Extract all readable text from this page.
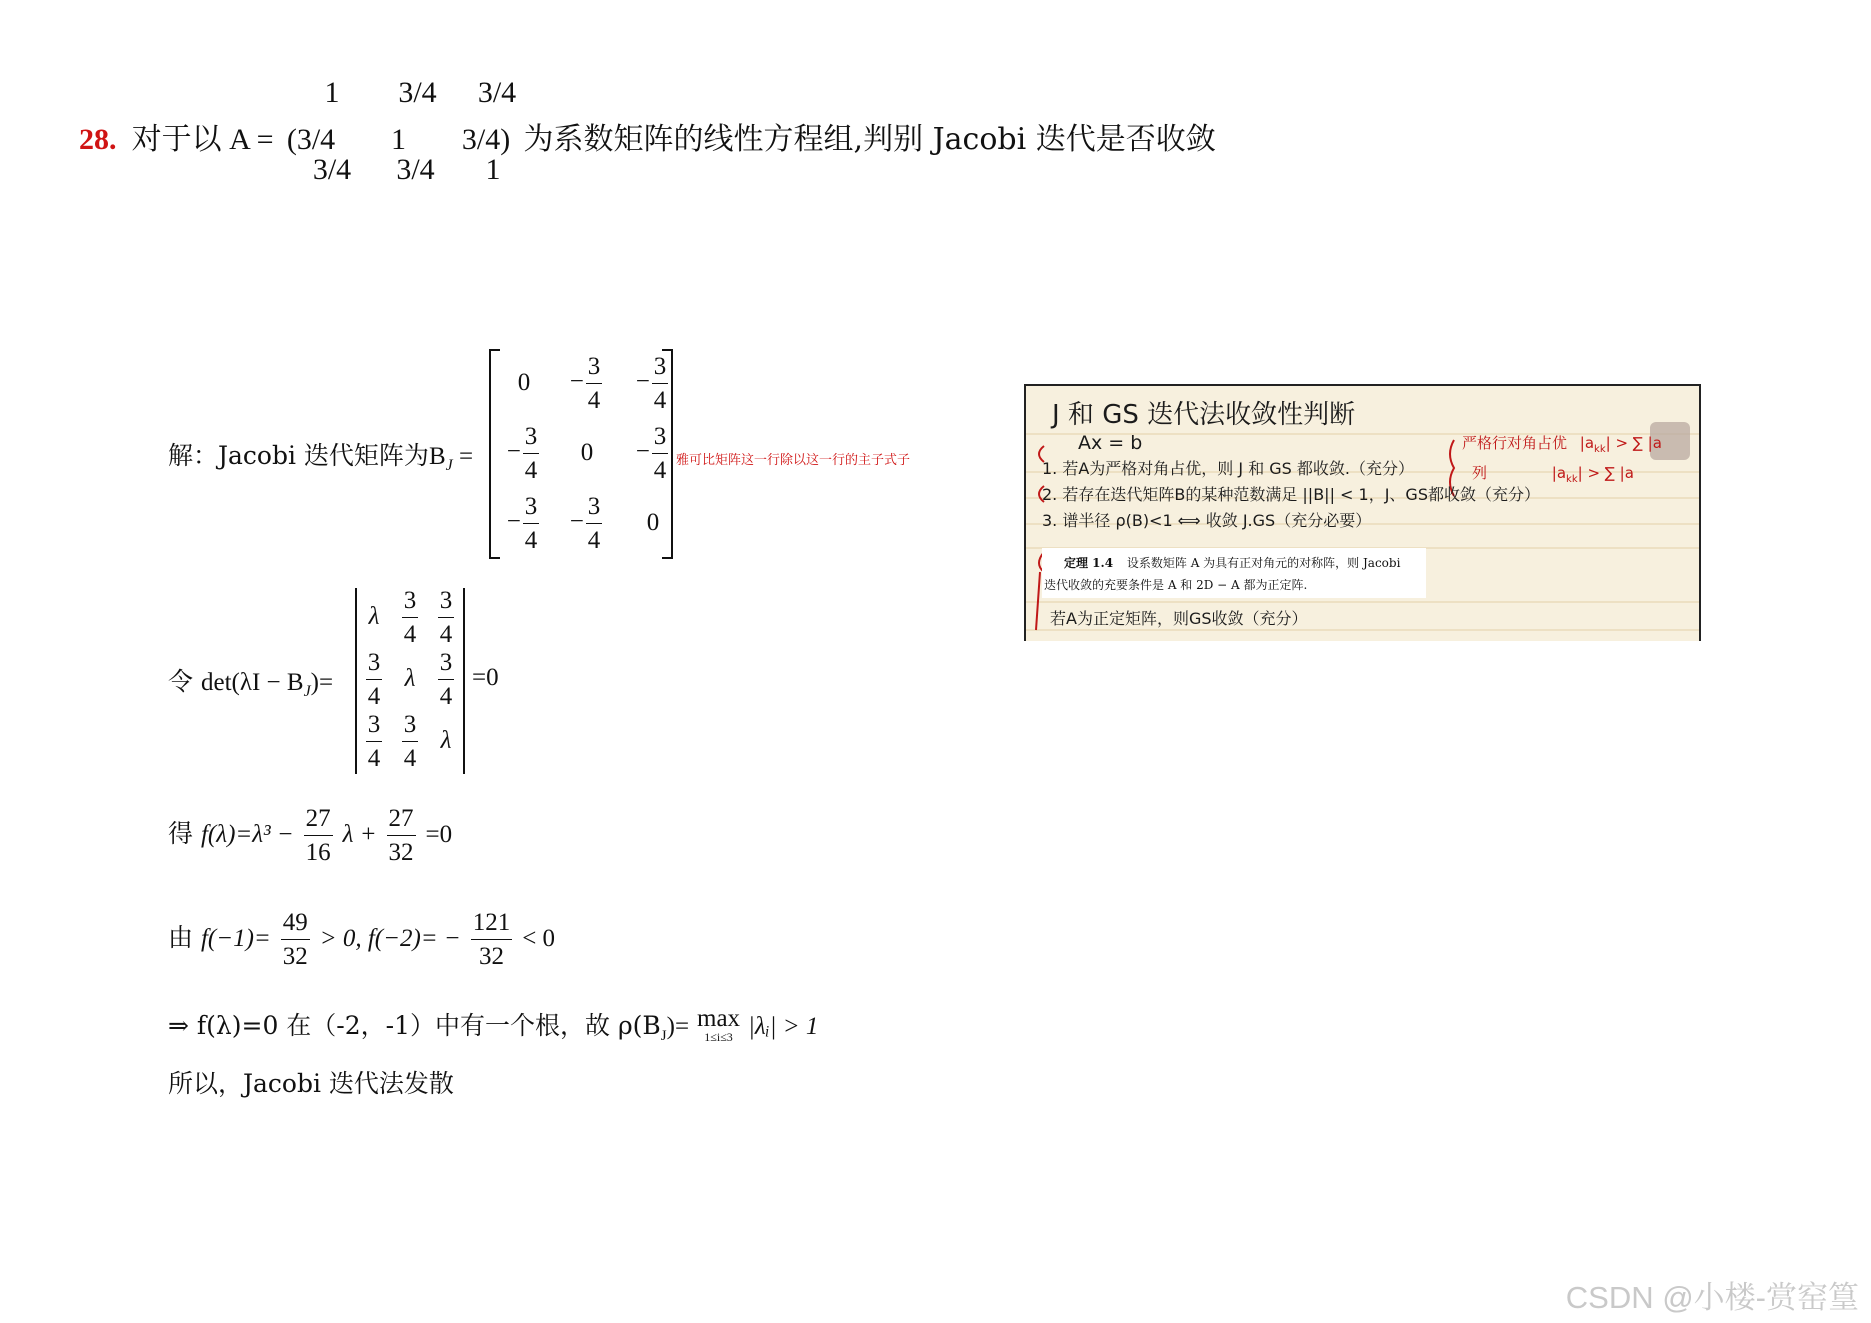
1 3/4 3/4
28. 对于以 A = (3/4 1 3/4) 为系数矩阵的线性方程组,判别 Jacobi 迭代是否收敛
3/4 3/4 1
解：Jacobi 迭代矩阵为$B_J$ =
0	− $\frac{3}{4}$	− $\frac{3}{4}$

− $\frac{3}{4}$	0	− $\frac{3}{4}$

− $\frac{3}{4}$	− $\frac{3}{4}$	0
雅可比矩阵这一行除以这一行的主子式子
令 $\det(\lambda I - B_J)=$
λ	$\frac{3}{4}$	$\frac{3}{4}$

$\frac{3}{4}$	λ	$\frac{3}{4}$

$\frac{3}{4}$	$\frac{3}{4}$	λ
=0
得 $f(\lambda)=\lambda^3 - \frac{27}{16}$ $\lambda + \frac{27}{32} =0$
由 $f(-1)= \frac{49}{32} > 0$, $f(-2)= - \frac{121}{32} < 0$
⇒ f(λ)=0 在（-2，-1）中有一个根，故 $\rho(B_J)= \max$
1≤i≤3 |λᵢ| > 1
所以，Jacobi 迭代法发散
J 和 GS 迭代法收敛性判断
Ax = b
1. 若A为严格对角占优，则 J 和 GS 都收敛.（充分）
2. 若存在迭代矩阵B的某种范数满足 ||B|| < 1，J、GS都收敛（充分）
3. 谱半径 ρ(B)<1 ⟺ 收敛 J.GS（充分必要）
严格行对角占优 $|a_{kk}|$ > ∑ |a
列	$|a_{kk}|$ > ∑ |a
定理 1.4 设系数矩阵 A 为具有正对角元的对称阵，则 Jacobi
迭代收敛的充要条件是 A 和 2D − A 都为正定阵.
若A为正定矩阵，则GS收敛（充分）
CSDN @小楼-赏窑篁
